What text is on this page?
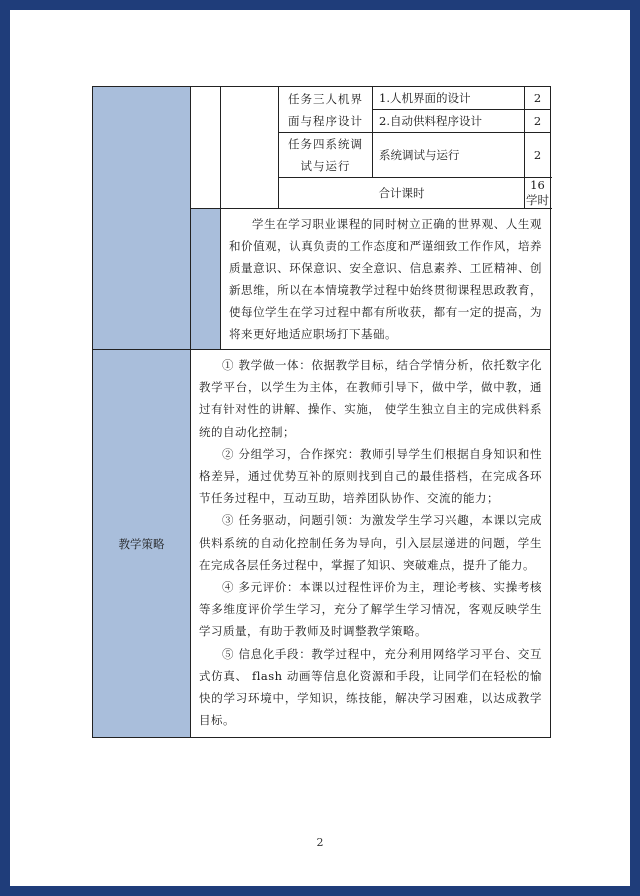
			任务三人机界
面与程序设计	1.人机界面的设计	2
				2.自动供料程序设计	2

			任务四系统调
试与运行	系统调试与运行	2
			合计课时		16学时

		学生在学习职业课程的同时树立正确的世界观、人生观和价值观，认真负责的工作态度和严谨细致工作作风，培养质量意识、环保意识、安全意识、信息素养、工匠精神、创新思维，所以在本情境教学过程中始终贯彻课程思政教育，使每位学生在学习过程中都有所收获，都有一定的提高，为将来更好地适应职场打下基础。			

教学策略	① 教学做一体：依据教学目标，结合学情分析，依托数字化教学平台，以学生为主体，在教师引导下，做中学，做中教，通过有针对性的讲解、操作、实施， 使学生独立自主的完成供料系统的自动化控制；

② 分组学习，合作探究：教师引导学生们根据自身知识和性格差异，通过优势互补的原则找到自己的最佳搭档，在完成各环节任务过程中，互动互助，培养团队协作、交流的能力；

③ 任务驱动，问题引领：为激发学生学习兴趣，本课以完成供料系统的自动化控制任务为导向，引入层层递进的问题，学生在完成各层任务过程中，掌握了知识、突破难点，提升了能力。

④ 多元评价：本课以过程性评价为主，理论考核、实操考核等多维度评价学生学习，充分了解学生学习情况，客观反映学生学习质量，有助于教师及时调整教学策略。

⑤ 信息化手段：教学过程中，充分利用网络学习平台、交互式仿真、 flash 动画等信息化资源和手段，让同学们在轻松的愉快的学习环境中，学知识，练技能，解决学习困难，以达成教学目标。				

2
